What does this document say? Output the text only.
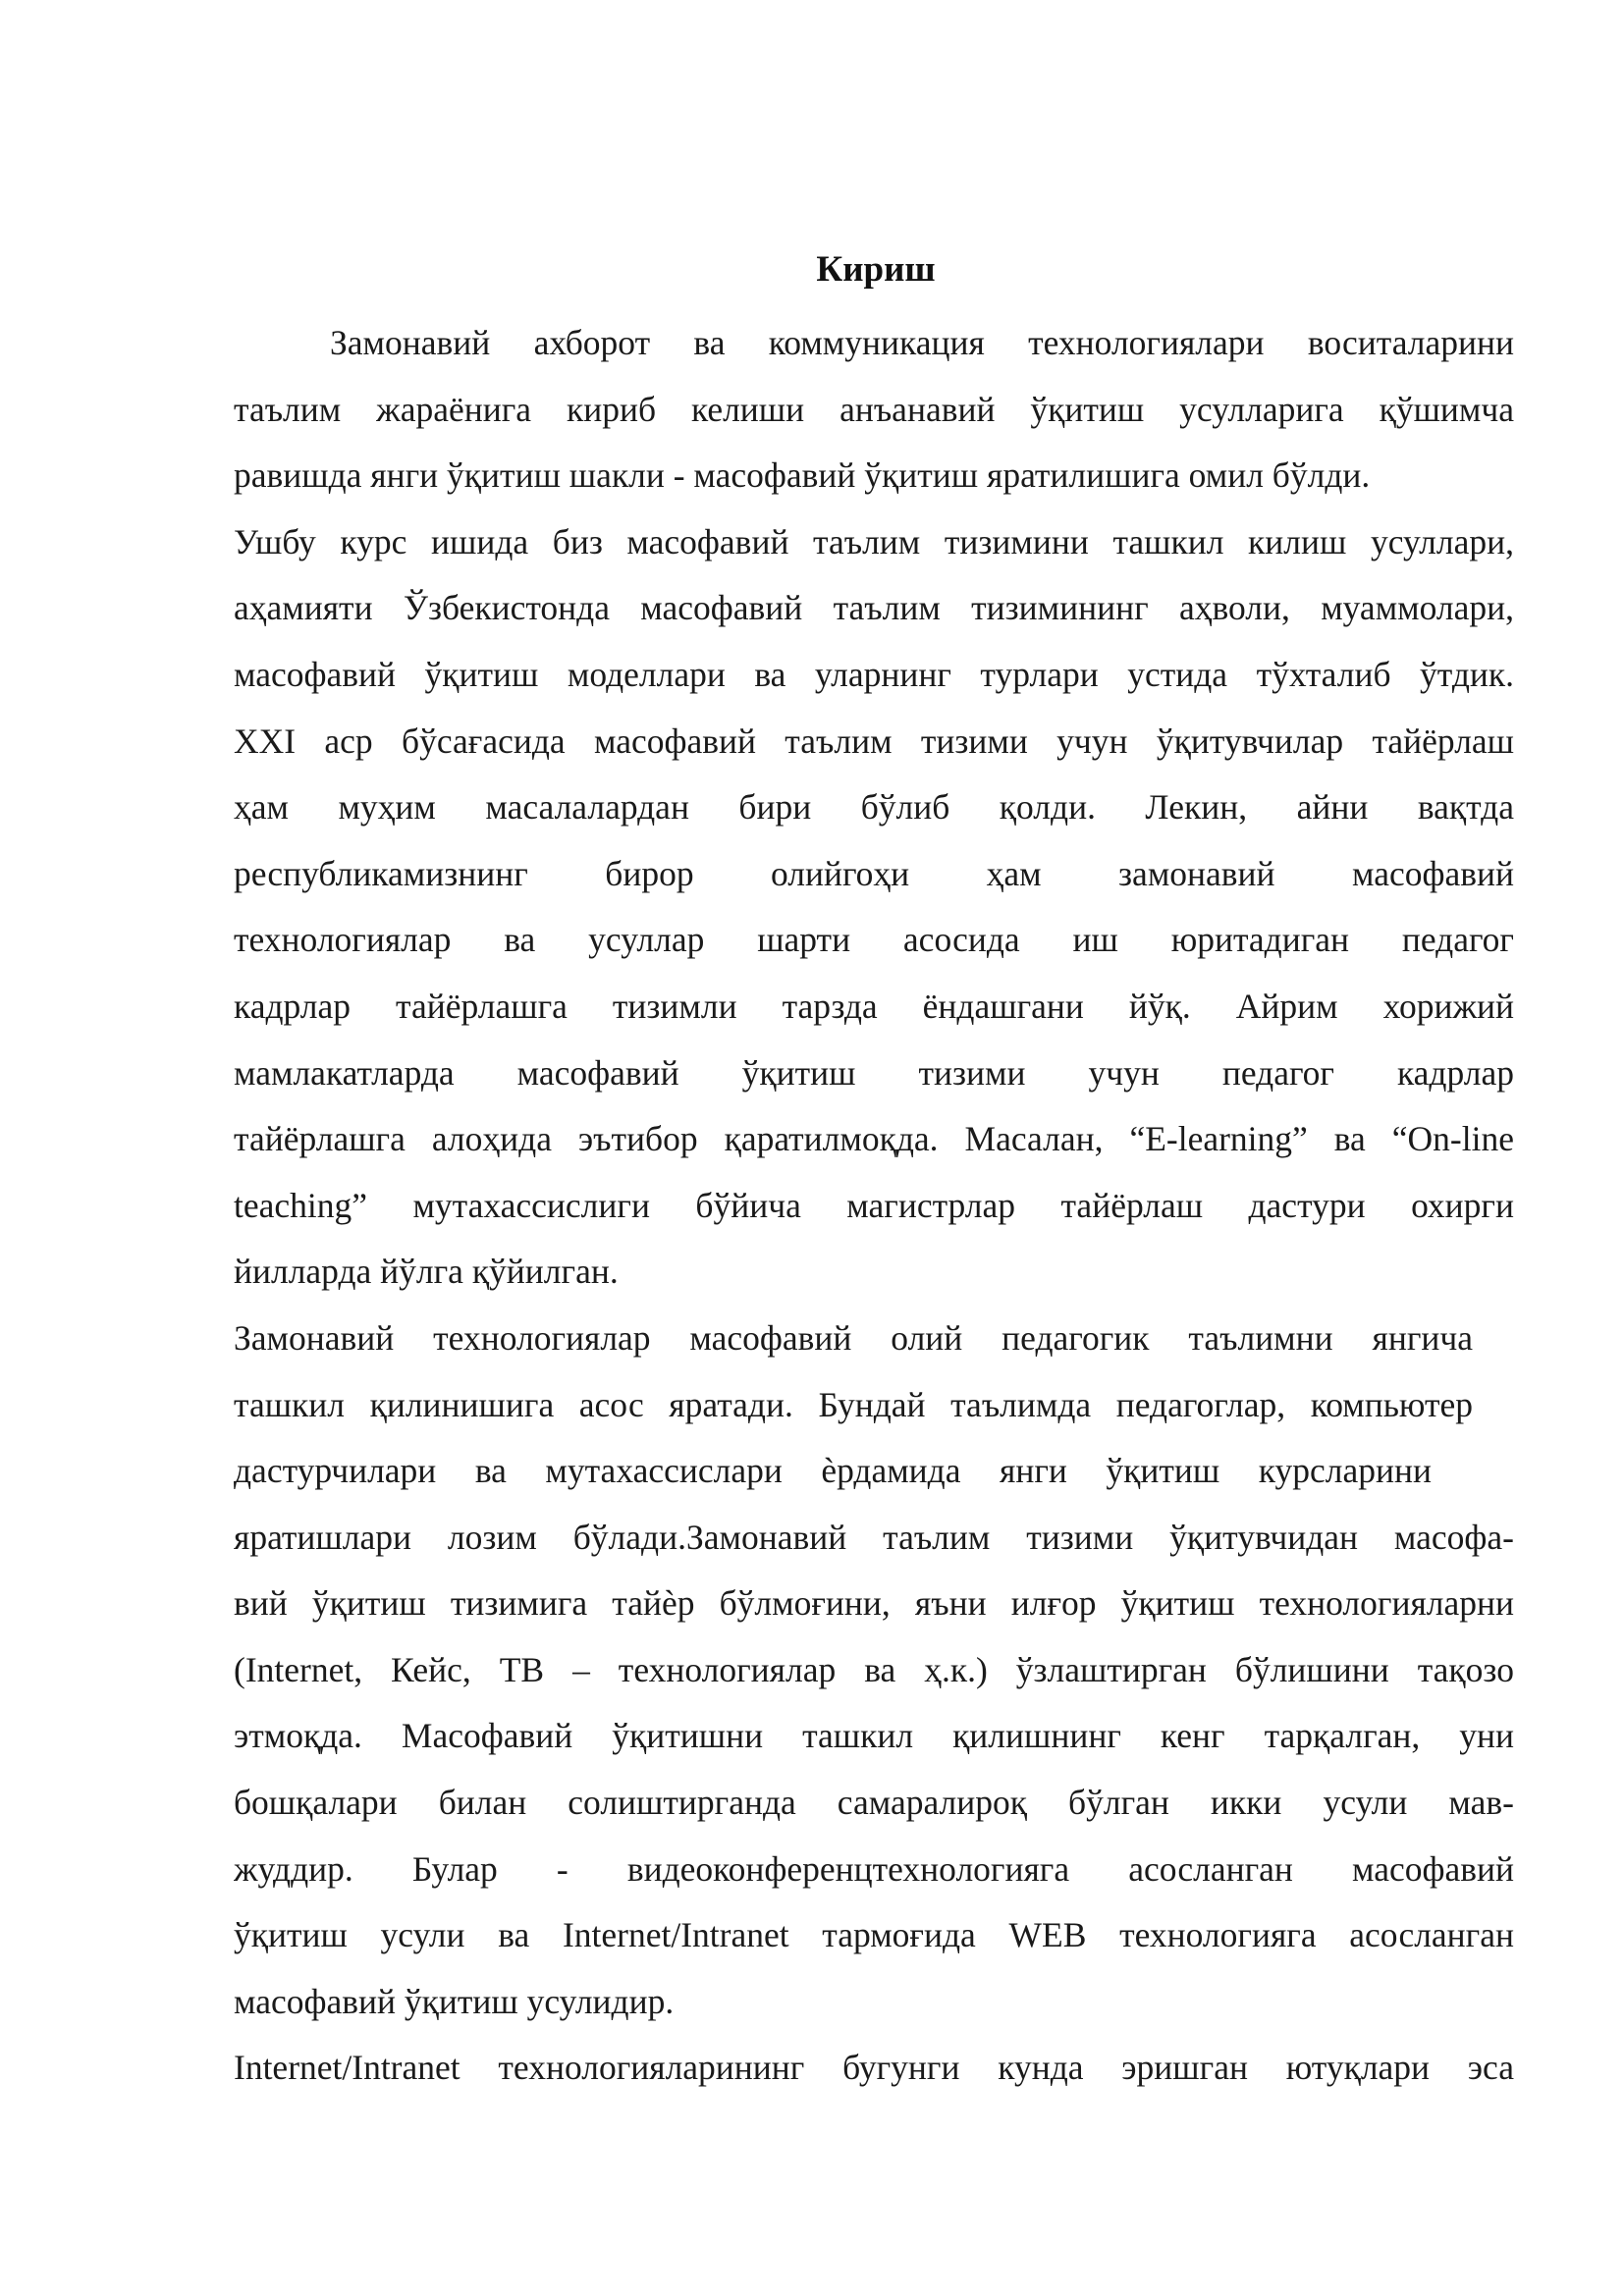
Кириш
Замонавий ахборот ва коммуникация технологиялари воситаларини
таълим жараёнига кириб келиши анъанавий ўқитиш усулларига қўшимча
равишда янги ўқитиш шакли - масофавий ўқитиш яратилишига омил бўлди.
Ушбу курс ишида биз масофавий таълим тизимини ташкил килиш усуллари,
аҳамияти Ўзбекистонда масофавий таълим тизимининг аҳволи, муаммолари,
масофавий ўқитиш моделлари ва уларнинг турлари устида тўхталиб ўтдик.
XXI аср бўсағасида масофавий таълим тизими учун ўқитувчилар тайёрлаш
ҳам муҳим масалалардан бири бўлиб қолди. Лекин, айни вақтда
республикамизнинг бирор олийгоҳи ҳам замонавий масофавий
технологиялар ва усуллар шарти асосида иш юритадиган педагог
кадрлар тайёрлашга тизимли тарзда ёндашгани йўқ. Айрим хорижий
мамлакатларда масофавий ўқитиш тизими учун педагог кадрлар
тайёрлашга алоҳида эътибор қаратилмоқда. Масалан, “E-learning” ва “On-line
teaching” мутахассислиги бўйича магистрлар тайёрлаш дастури охирги
йилларда йўлга қўйилган.
Замонавий технологиялар масофавий олий педагогик таълимни янгича
ташкил қилинишига асос яратади. Бундай таълимда педагоглар, компьютер
дастурчилари ва мутахассислари ѐрдамида янги ўқитиш курсларини
яратишлари лозим бўлади.Замонавий таълим тизими ўқитувчидан масофа-
вий ўқитиш тизимига тайѐр бўлмоғини, яъни илғор ўқитиш технологияларни
(Internet, Кейс, ТВ – технологиялар ва ҳ.к.) ўзлаштирган бўлишини тақозо
этмоқда. Масофавий ўқитишни ташкил қилишнинг кенг тарқалган, уни
бошқалари билан солиштирганда самаралироқ бўлган икки усули мав-
жуддир. Булар - видеоконференцтехнологияга асосланган масофавий
ўқитиш усули ва Internet/Intranet тармоғида WEB технологияга асосланган
масофавий ўқитиш усулидир.
Internet/Intranet технологияларининг бугунги кунда эришган ютуқлари эса
